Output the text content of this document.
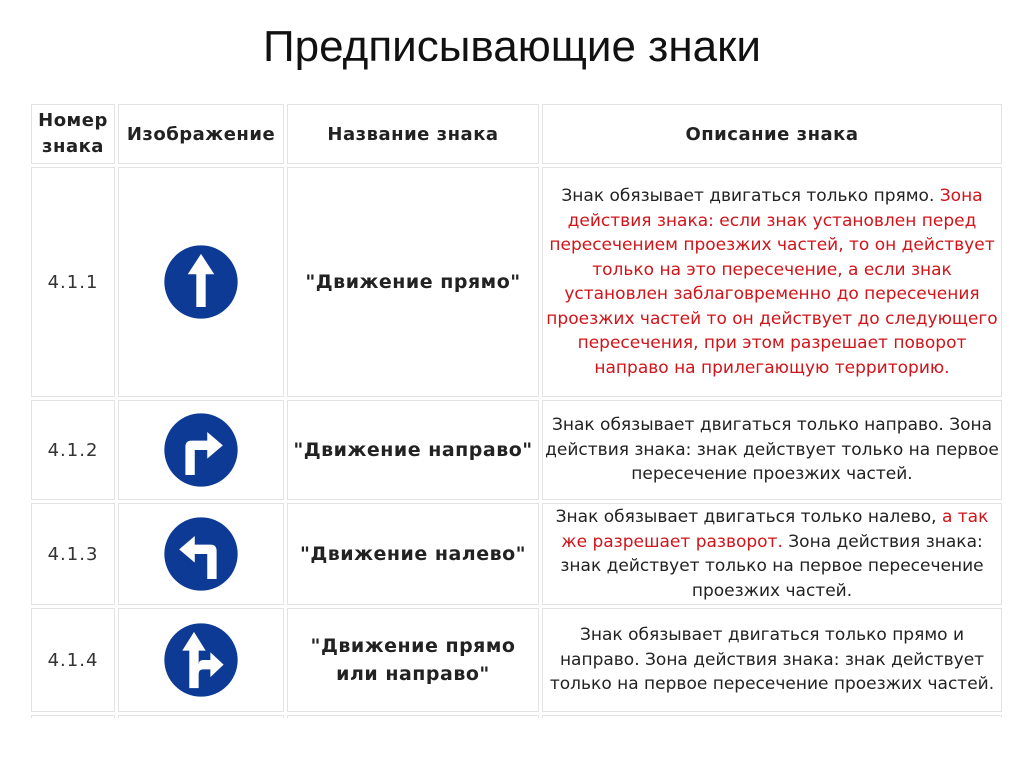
Предписывающие знаки
Номер знака	Изображение	Название знака	Описание знака
4.1.1		"Движение прямо"	Знак обязывает двигаться только прямо. Зона действия знака: если знак установлен перед пересечением проезжих частей, то он действует только на это пересечение, а если знак установлен заблаговременно до пересечения проезжих частей то он действует до следующего пересечения, при этом разрешает поворот направо на прилегающую территорию.
4.1.2		"Движение направо"	Знак обязывает двигаться только направо. Зона действия знака: знак действует только на первое пересечение проезжих частей.
4.1.3		"Движение налево"	Знак обязывает двигаться только налево, а так же разрешает разворот. Зона действия знака: знак действует только на первое пересечение проезжих частей.
4.1.4		"Движение прямо или направо"	Знак обязывает двигаться только прямо и направо. Зона действия знака: знак действует только на первое пересечение проезжих частей.
